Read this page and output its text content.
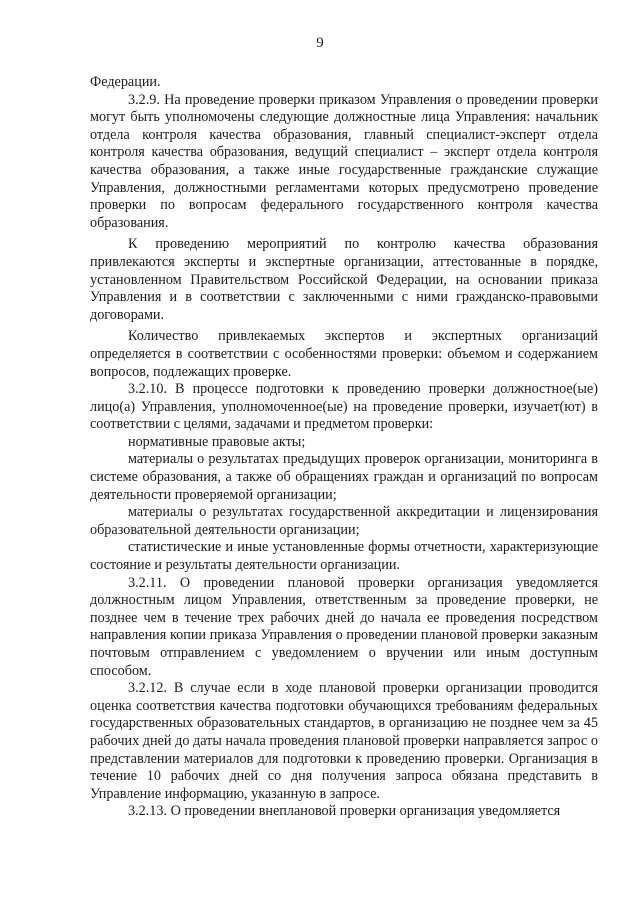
9

Федерации.

3.2.9. На проведение проверки приказом Управления о проведении проверки могут быть уполномочены следующие должностные лица Управления: начальник отдела контроля качества образования, главный специалист-эксперт отдела контроля качества образования, ведущий специалист – эксперт отдела контроля качества образования, а также иные государственные гражданские служащие Управления, должностными регламентами которых предусмотрено проведение проверки по вопросам федерального государственного контроля качества образования.

К проведению мероприятий по контролю качества образования привлекаются эксперты и экспертные организации, аттестованные в порядке, установленном Правительством Российской Федерации, на основании приказа Управления и в соответствии с заключенными с ними гражданско-правовыми договорами.

Количество привлекаемых экспертов и экспертных организаций определяется в соответствии с особенностями проверки: объемом и содержанием вопросов, подлежащих проверке.

3.2.10. В процессе подготовки к проведению проверки должностное(ые) лицо(а) Управления, уполномоченное(ые) на проведение проверки, изучает(ют) в соответствии с целями, задачами и предметом проверки:

нормативные правовые акты;

материалы о результатах предыдущих проверок организации, мониторинга в системе образования, а также об обращениях граждан и организаций по вопросам деятельности проверяемой организации;

материалы о результатах государственной аккредитации и лицензирования образовательной деятельности организации;

статистические и иные установленные формы отчетности, характеризующие состояние и результаты деятельности организации.

3.2.11. О проведении плановой проверки организация уведомляется должностным лицом Управления, ответственным за проведение проверки, не позднее чем в течение трех рабочих дней до начала ее проведения посредством направления копии приказа Управления о проведении плановой проверки заказным почтовым отправлением с уведомлением о вручении или иным доступным способом.

3.2.12. В случае если в ходе плановой проверки организации проводится оценка соответствия качества подготовки обучающихся требованиям федеральных государственных образовательных стандартов, в организацию не позднее чем за 45 рабочих дней до даты начала проведения плановой проверки направляется запрос о представлении материалов для подготовки к проведению проверки. Организация в течение 10 рабочих дней со дня получения запроса обязана представить в Управление информацию, указанную в запросе.

3.2.13. О проведении внеплановой проверки организация уведомляется
